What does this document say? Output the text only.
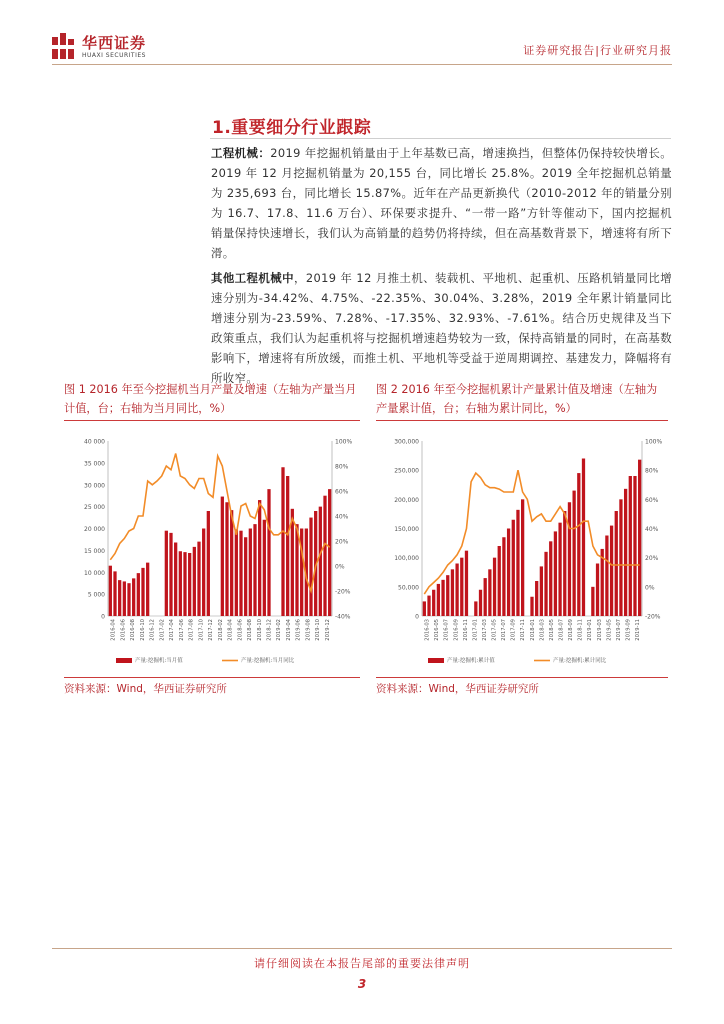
华西证券
HUAXI SECURITIES	证券研究报告|行业研究月报
1.重要细分行业跟踪
工程机械：2019 年挖掘机销量由于上年基数已高，增速换挡，但整体仍保持较快增长。2019 年 12 月挖掘机销量为 20,155 台，同比增长 25.8%。2019 全年挖掘机总销量为 235,693 台，同比增长 15.87%。近年在产品更新换代（2010-2012 年的销量分别为 16.7、17.8、11.6 万台）、环保要求提升、“一带一路”方针等催动下，国内挖掘机销量保持快速增长，我们认为高销量的趋势仍将持续，但在高基数背景下，增速将有所下滑。
其他工程机械中，2019 年 12 月推土机、装载机、平地机、起重机、压路机销量同比增速分别为-34.42%、4.75%、-22.35%、30.04%、3.28%，2019 全年累计销量同比增速分别为-23.59%、7.28%、-17.35%、32.93%、-7.61%。结合历史规律及当下政策重点，我们认为起重机将与挖掘机增速趋势较为一致，保持高销量的同时，在高基数影响下，增速将有所放缓，而推土机、平地机等受益于逆周期调控、基建发力，降幅将有所收窄。
图 1 2016 年至今挖掘机当月产量及增速（左轴为产量当月计值，台；右轴为当月同比，%）
图 2 2016 年至今挖掘机累计产量累计值及增速（左轴为产量累计值，台；右轴为累计同比，%）
40 000
35 000
30 000
25 000
20 000
15 000
10 000
5 000
0
100%
80%
60%
40%
20%
0%
-20%
-40%
2016-04 2016-06 2016-08 2016-10 2016-12 2017-02 2017-04 2017-06 2017-08 2017-10 2017-12 2018-02 2018-04 2018-06 2018-08 2018-10 2018-12 2019-02 2019-04 2019-06 2019-08 2019-10 2019-12
产量:挖掘机:当月值	产量:挖掘机:当月同比
300,000
250,000
200,000
150,000
100,000
50,000
0
100%
80%
60%
40%
20%
0%
-20%
2016-03 2016-05 2016-07 2016-09 2016-11 2017-01 2017-03 2017-05 2017-07 2017-09 2017-11 2018-01 2018-03 2018-05 2018-07 2018-09 2018-11 2019-01 2019-03 2019-05 2019-07 2019-09 2019-11
产量:挖掘机:累计值	产量:挖掘机:累计同比
资料来源：Wind，华西证券研究所	资料来源：Wind，华西证券研究所
请仔细阅读在本报告尾部的重要法律声明
3
